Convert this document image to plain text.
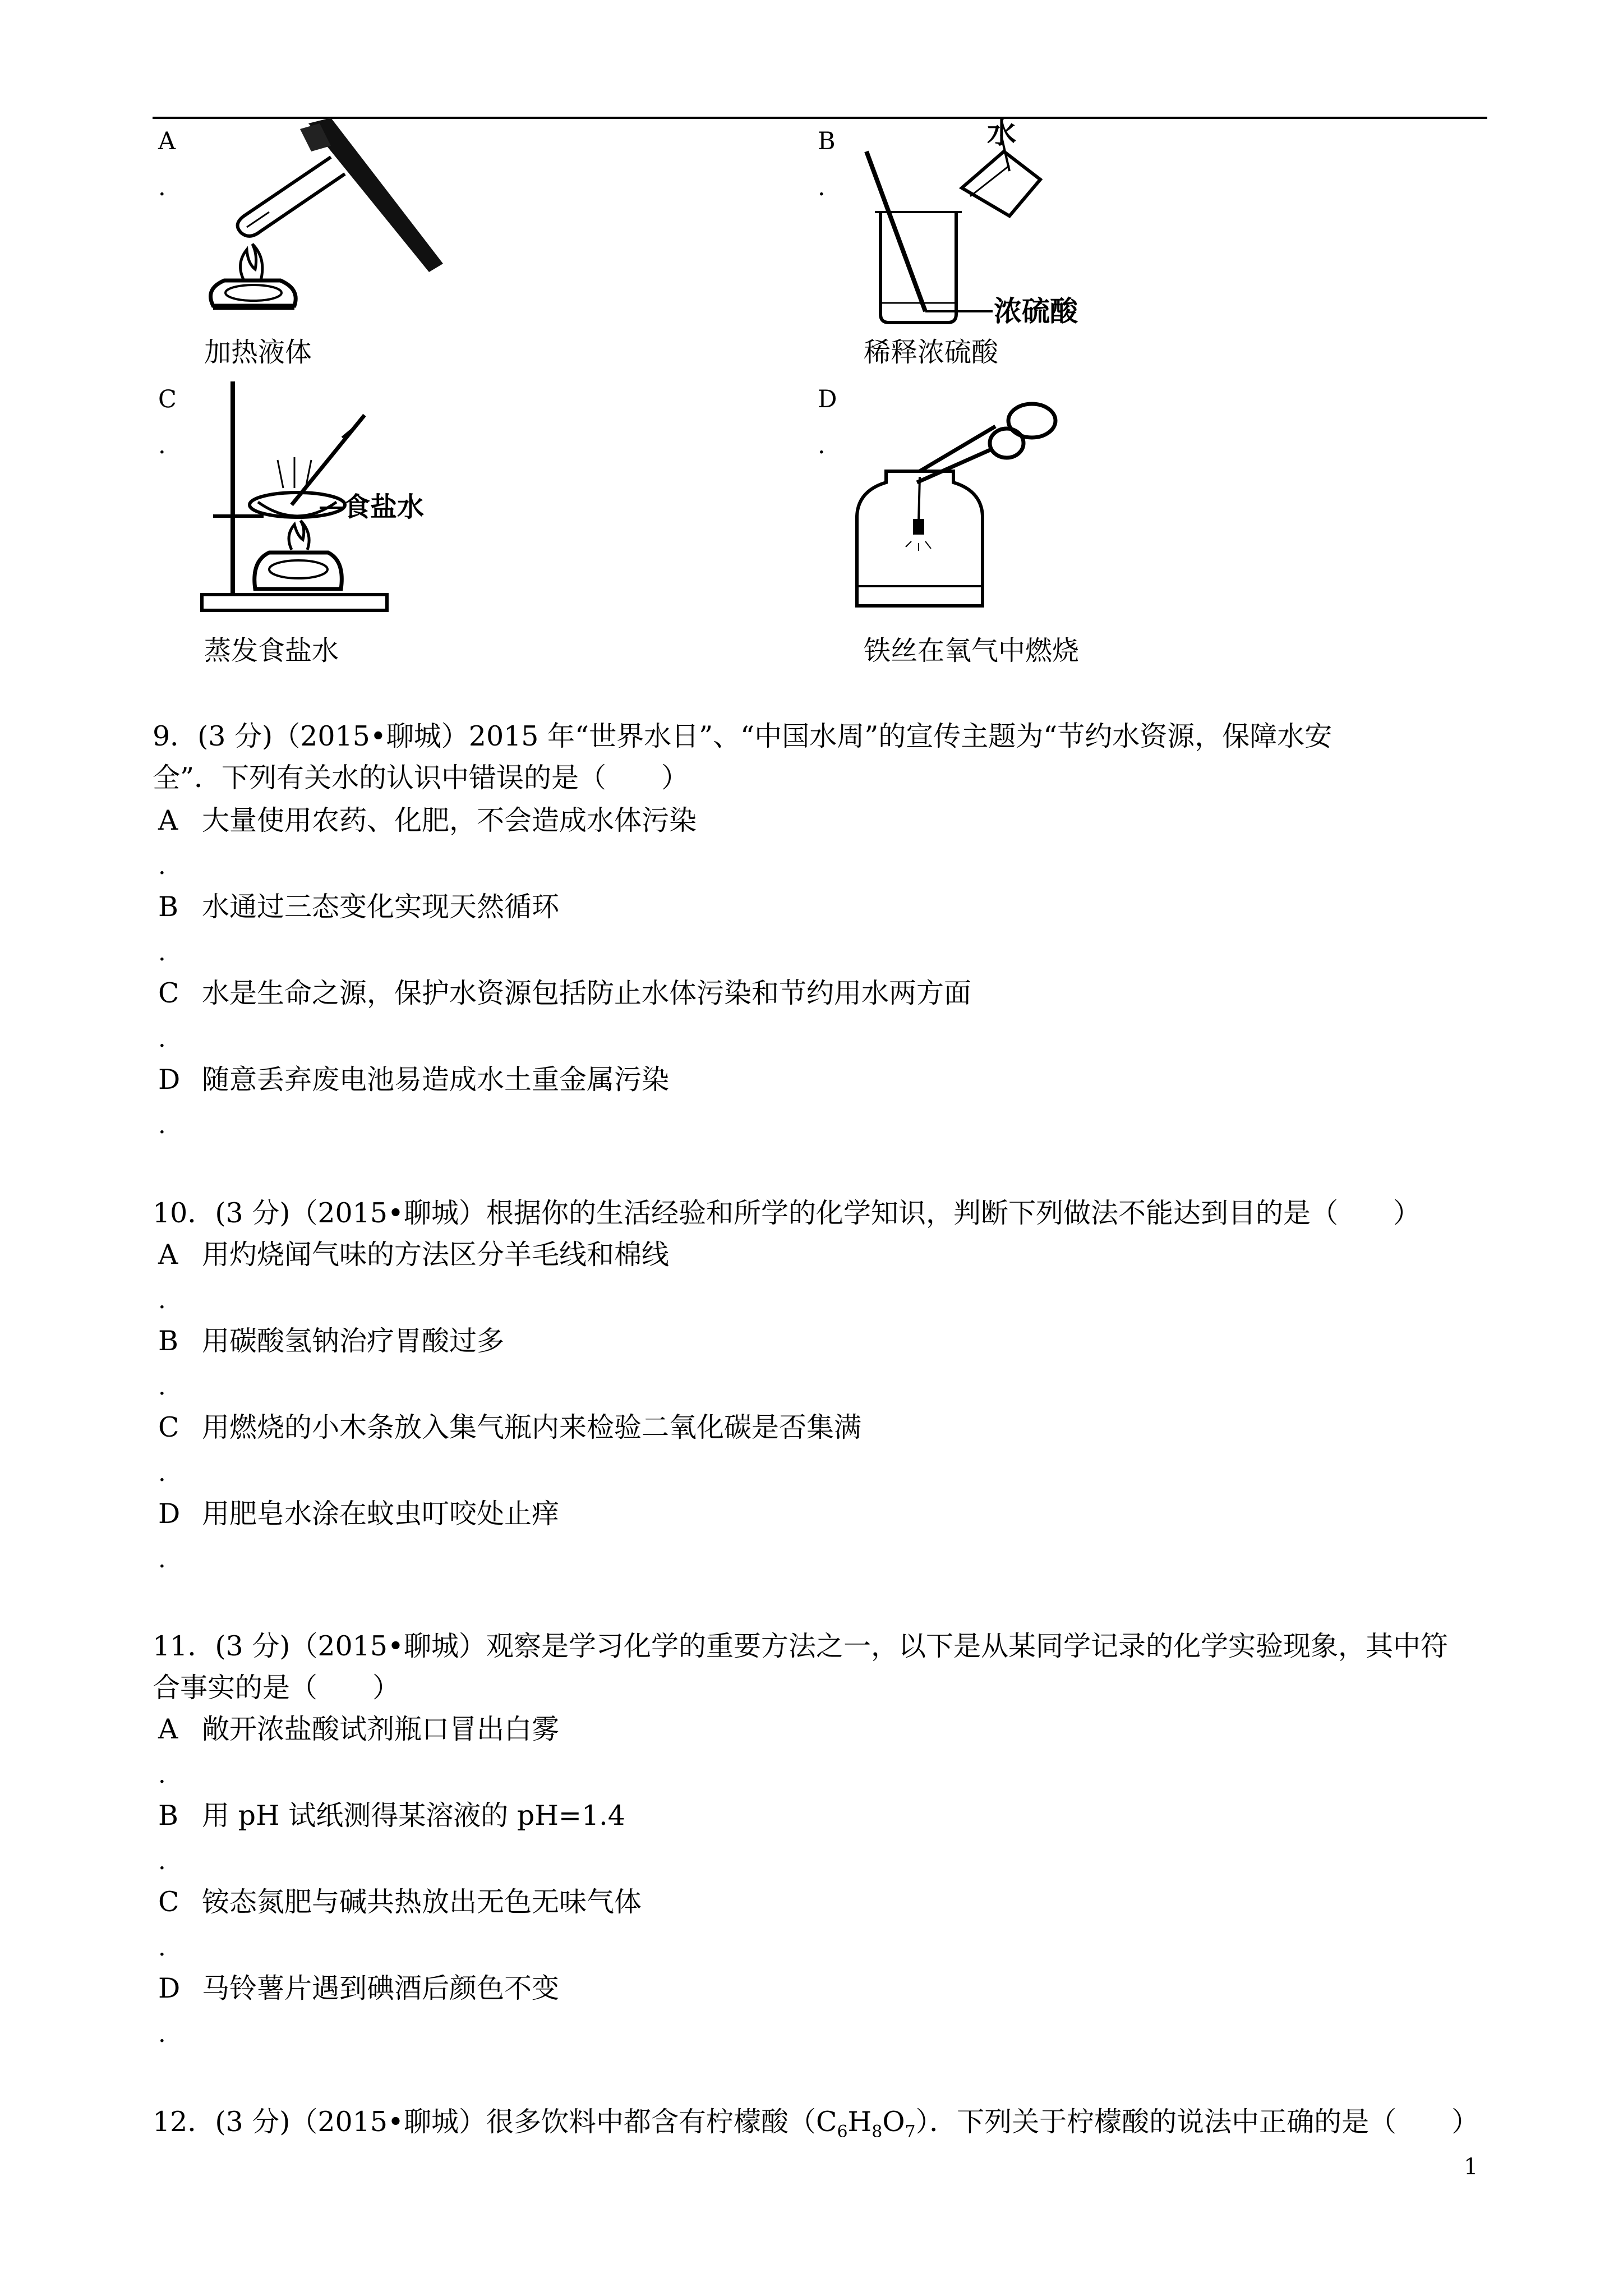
A
.
加热液体
B
.
水
浓硫酸
稀释浓硫酸
C
.
食盐水
蒸发食盐水
D
.
铁丝在氧气中燃烧
9．(3 分)（2015•聊城）2015 年“世界水日”、“中国水周”的宣传主题为“节约水资源，保障水安
全”．下列有关水的认识中错误的是（　　）
A 大量使用农药、化肥，不会造成水体污染
.
B 水通过三态变化实现天然循环
.
C 水是生命之源，保护水资源包括防止水体污染和节约用水两方面
.
D 随意丢弃废电池易造成水土重金属污染
.
10．(3 分)（2015•聊城）根据你的生活经验和所学的化学知识，判断下列做法不能达到目的是（　　）
A 用灼烧闻气味的方法区分羊毛线和棉线
.
B 用碳酸氢钠治疗胃酸过多
.
C 用燃烧的小木条放入集气瓶内来检验二氧化碳是否集满
.
D 用肥皂水涂在蚊虫叮咬处止痒
.
11．(3 分)（2015•聊城）观察是学习化学的重要方法之一，以下是从某同学记录的化学实验现象，其中符
合事实的是（　　）
A 敞开浓盐酸试剂瓶口冒出白雾
.
B 用 pH 试纸测得某溶液的 pH=1.4
.
C 铵态氮肥与碱共热放出无色无味气体
.
D 马铃薯片遇到碘酒后颜色不变
.
12．(3 分)（2015•聊城）很多饮料中都含有柠檬酸$(C_6H_8O_7)$．下列关于柠檬酸的说法中正确的是（　　）
1
